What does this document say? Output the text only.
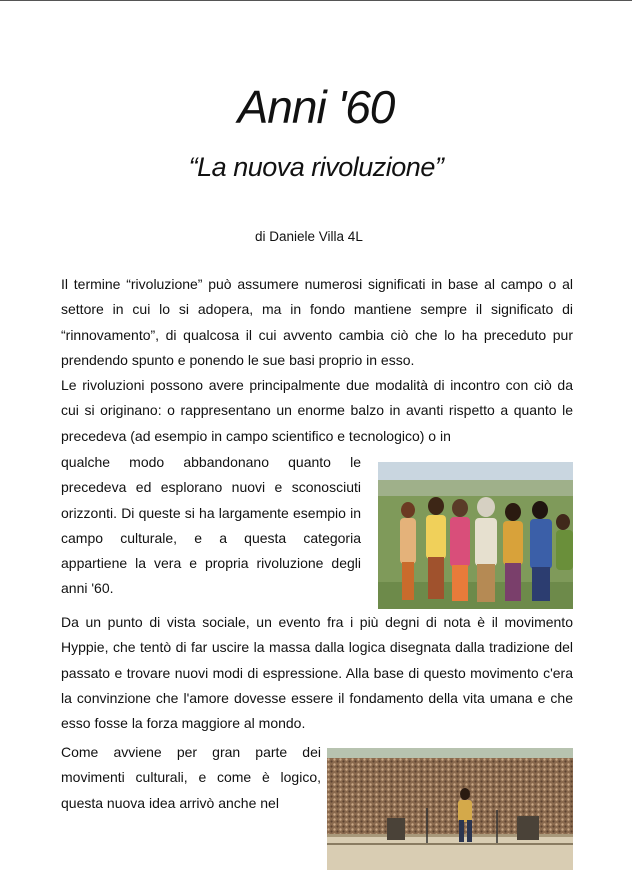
Anni '60
“La nuova rivoluzione”
di Daniele Villa 4L

Il termine “rivoluzione” può assumere numerosi significati in base al campo o al settore in cui lo si adopera, ma in fondo mantiene sempre il significato di “rinnovamento”, di qualcosa il cui avvento cambia ciò che lo ha preceduto pur prendendo spunto e ponendo le sue basi proprio in esso.

Le rivoluzioni possono avere principalmente due modalità di incontro con ciò da cui si originano: o rappresentano un enorme balzo in avanti rispetto a quanto le precedeva (ad esempio in campo scientifico e tecnologico) o in

qualche modo abbandonano quanto le precedeva ed esplorano nuovi e sconosciuti orizzonti. Di queste si ha largamente esempio in campo culturale, e a questa categoria appartiene la vera e propria rivoluzione degli anni '60.

Da un punto di vista sociale, un evento fra i più degni di nota è il movimento Hyppie, che tentò di far uscire la massa dalla logica disegnata dalla tradizione del passato e trovare nuovi modi di espressione. Alla base di questo movimento c'era la convinzione che l'amore dovesse essere il fondamento della vita umana e che esso fosse la forza maggiore al mondo.

Come avviene per gran parte dei movimenti culturali, e come è logico, questa nuova idea arrivò anche nel
